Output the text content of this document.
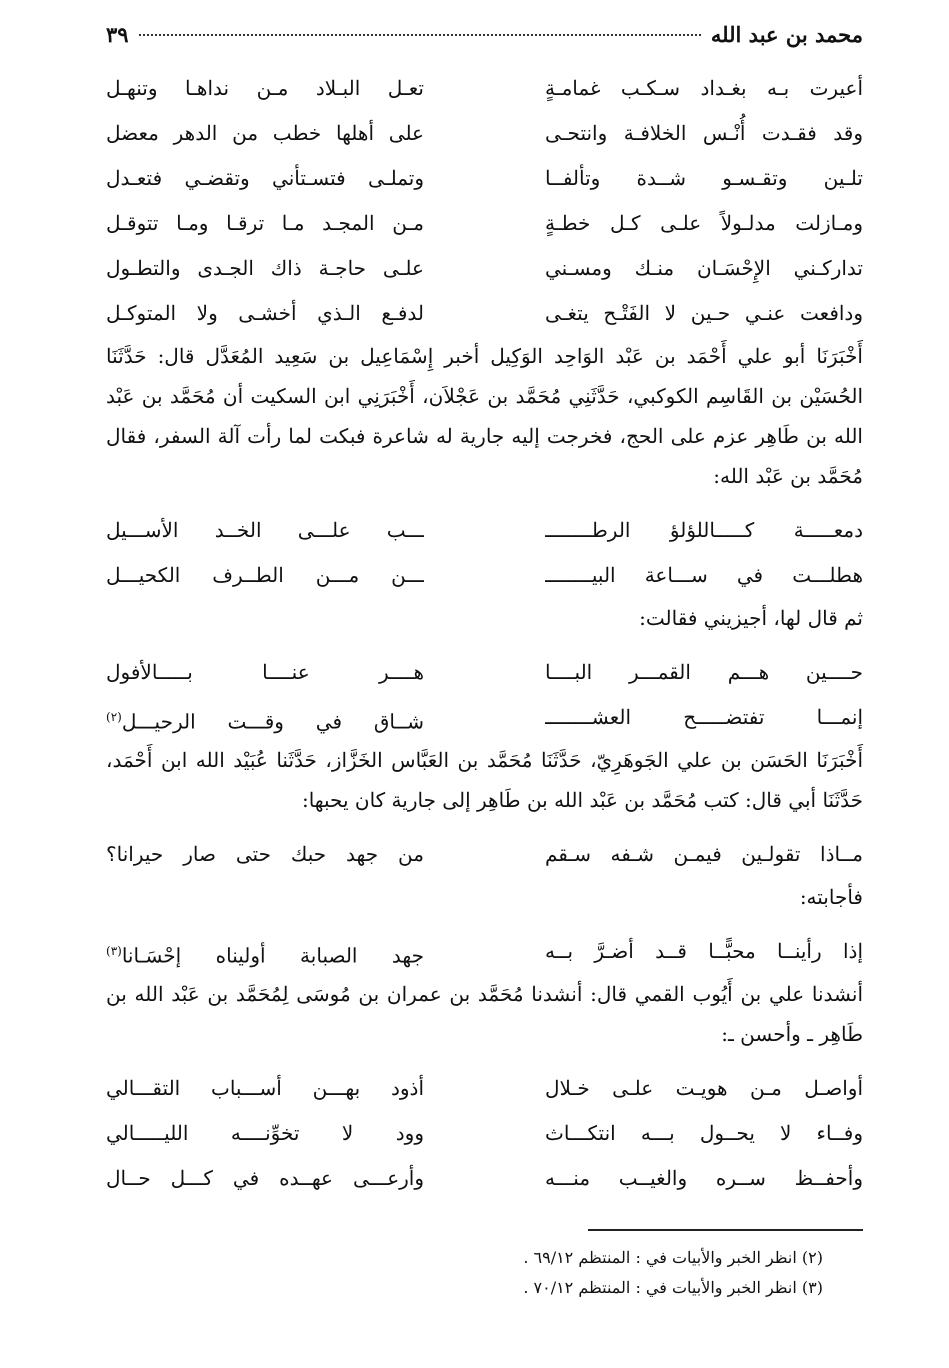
محمد بن عبد الله
٣٩
أعيرت بـه بغـداد سـكـب غمامـةٍ
تعـل البـلاد مـن نداهـا وتنهـل
وقد فقـدت أُنْـس الخلافـة وانتحـى
على أهلها خطب من الدهر معضل
تلـين وتقـسـو شــدة وتألفــا
وتملـى فتسـتأني وتقضـي فتعـدل
ومـازلت مدلـولاً علـى كـل خطـةٍ
مـن المجـد مـا ترقـا ومـا تتوقـل
تداركـني الإِحْسَـان منـك ومسـني
علـى حاجـة ذاك الجـدى والتطـول
ودافعت عنـي حـين لا الفَتْـح يتغـى
لدفـع الـذي أخشـى ولا المتوكـل

أَخْبَرَنَا أبو علي أَحْمَد بن عَبْد الوَاحِد الوَكِيل أخبر إِسْمَاعِيل بن سَعِيد المُعَدَّل قال: حَدَّثَنَا الحُسَيْن بن القَاسِم الكوكبي، حَدَّثَنِي مُحَمَّد بن عَجْلاَن، أَخْبَرَنِي ابن السكيت أن مُحَمَّد بن عَبْد الله بن طَاهِر عزم على الحج، فخرجت إليه جارية له شاعرة فبكت لما رأت آلة السفر، فقال مُحَمَّد بن عَبْد الله:

دمعـــــة كـــــاللؤلؤ الرطــــــــ
ـــب علـــى الخــد الأســـيل
هطلـــت في ســـاعة البيــــــــ
ـــن مـــن الطــرف الكحيـــل

ثم قال لها، أجيزيني فقالت:

حــــين هـــم القمـــر البــــا
هــــر عنــــا بـــــالأفول
إنمـــا تفتضـــــح العشــــــــ
شــاق في وقـــت الرحيـــل$^{(٢)}$

أَخْبَرَنَا الحَسَن بن علي الجَوهَرِيّ، حَدَّثَنَا مُحَمَّد بن العَبَّاس الخَزَّاز، حَدَّثَنا عُبَيْد الله ابن أَحْمَد، حَدَّثَنَا أبي قال: كتب مُحَمَّد بن عَبْد الله بن طَاهِر إلى جارية كان يحبها:

مــاذا تقولـين فيمـن شـفه سـقم
من جهد حبك حتى صار حيرانا؟

فأجابته:

إذا رأينــا محبًّــا قــد أضـرَّ بــه
جهد الصبابة أوليناه إحْسَـانا$^{(٣)}$

أنشدنا علي بن أَيُوب القمي قال: أنشدنا مُحَمَّد بن عمران بن مُوسَى لِمُحَمَّد بن عَبْد الله بن طَاهِر ـ وأحسن ـ:

أواصـل مـن هويـت علـى خـلال
أذود بهـــن أســـباب التقـــالي
وفــاء لا يحــول بـــه انتكـــاث
وود لا تخوِّنــــه الليـــــالي
وأحفــظ ســره والغيــب منـــه
وأرعـــى عهــده في كـــل حــال
(٢) انظر الخبر والأبيات في : المنتظم ٦٩/١٢ .
(٣) انظر الخبر والأبيات في : المنتظم ٧٠/١٢ .
